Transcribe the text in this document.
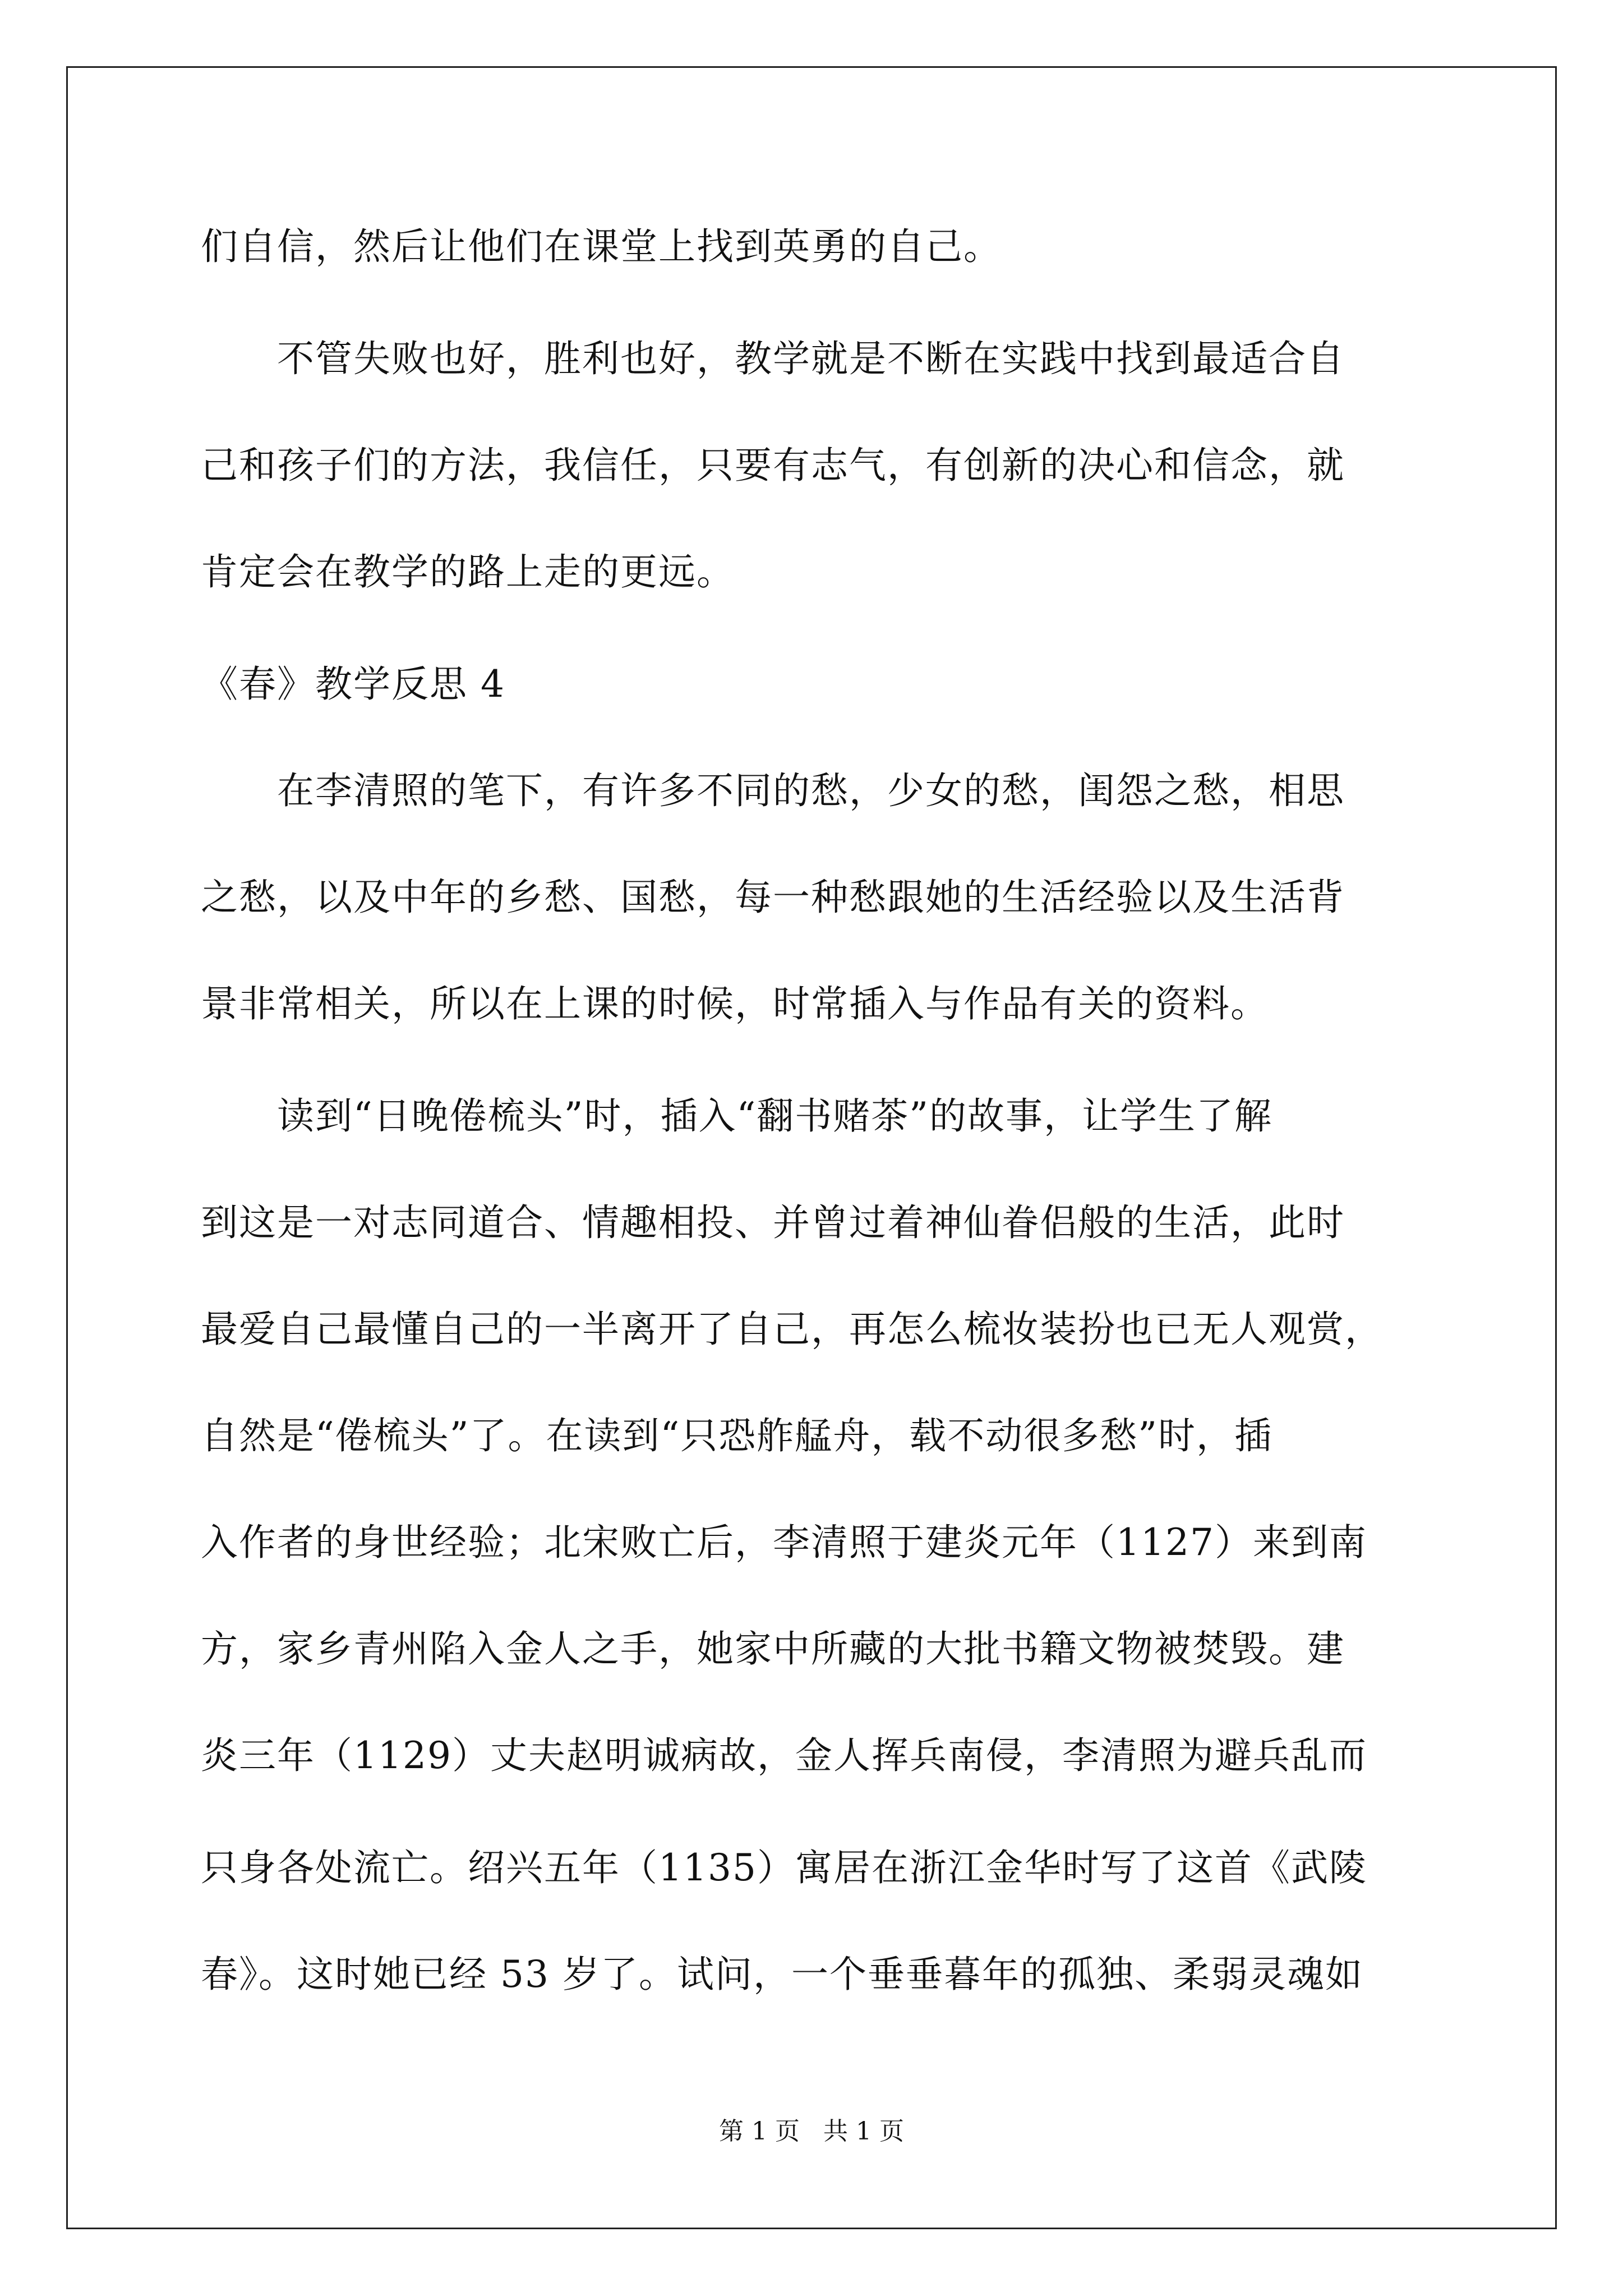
们自信，然后让他们在课堂上找到英勇的自己。
　　不管失败也好，胜利也好，教学就是不断在实践中找到最适合自
己和孩子们的方法，我信任，只要有志气，有创新的决心和信念，就
肯定会在教学的路上走的更远。
《春》教学反思 4
　　在李清照的笔下，有许多不同的愁，少女的愁，闺怨之愁，相思
之愁，以及中年的乡愁、国愁，每一种愁跟她的生活经验以及生活背
景非常相关，所以在上课的时候，时常插入与作品有关的资料。
　　读到“日晚倦梳头”时，插入“翻书赌茶”的故事，让学生了解
到这是一对志同道合、情趣相投、并曾过着神仙眷侣般的生活，此时
最爱自己最懂自己的一半离开了自己，再怎么梳妆装扮也已无人观赏，
自然是“倦梳头”了。在读到“只恐舴艋舟，载不动很多愁”时，插
入作者的身世经验；北宋败亡后，李清照于建炎元年（1127）来到南
方，家乡青州陷入金人之手，她家中所藏的大批书籍文物被焚毁。建
炎三年（1129）丈夫赵明诚病故，金人挥兵南侵，李清照为避兵乱而
只身各处流亡。绍兴五年（1135）寓居在浙江金华时写了这首《武陵
春》。这时她已经 53 岁了。试问，一个垂垂暮年的孤独、柔弱灵魂如
第 1 页   共 1 页
